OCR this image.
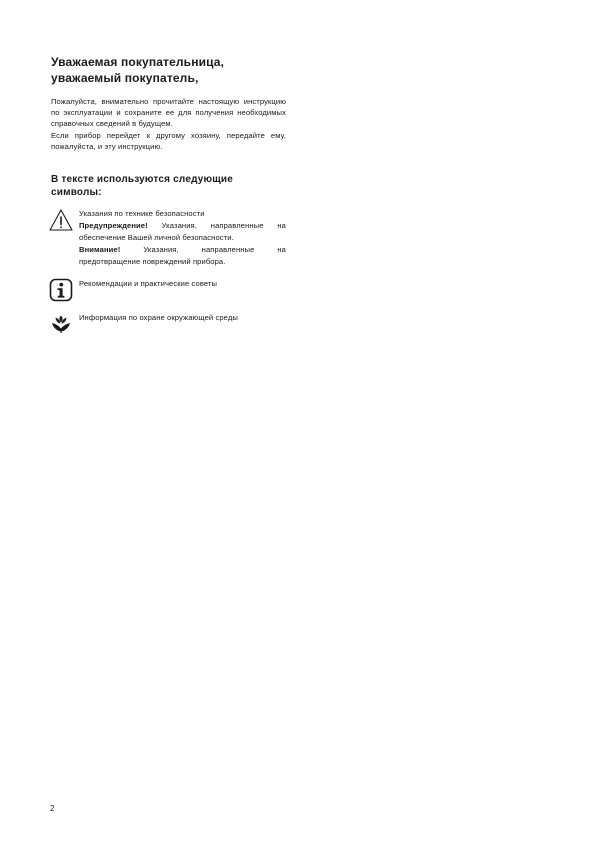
Уважаемая покупательница,
уважаемый покупатель,

Пожалуйста, внимательно прочитайте настоящую инструкцию по эксплуатации и сохраните ее для получения необходимых справочных сведений в будущем.

Если прибор перейдет к другому хозяину, передайте ему, пожалуйста, и эту инструкцию.

В тексте используются следующие
символы:

Указания по технике безопасности

Предупреждение! Указания, направленные на обеспечение Вашей личной безопасности.

Внимание! Указания, направленные на предотвращение повреждений прибора.

Рекомендации и практические советы

Информация по охране окружающей среды

2
